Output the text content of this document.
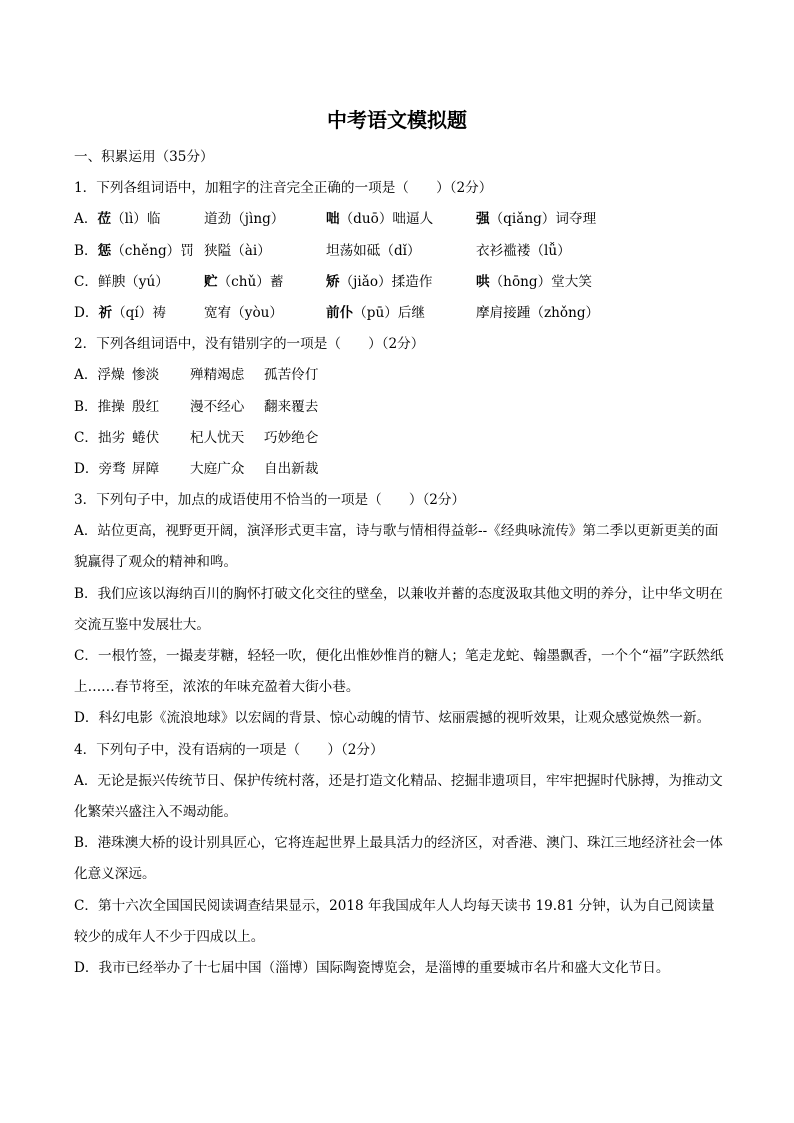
中考语文模拟题
一、积累运用（35分）
1．下列各组词语中，加粗字的注音完全正确的一项是（　　）（2分）
A．莅（lì）临	道劲（jìng）	咄（duō）咄逼人	强（qiǎng）词夺理
B．惩（chěng）罚 狭隘（ài）	坦荡如砥（dǐ）	衣衫褴褛（lǚ）
C．鲜腴（yú）	贮（chǔ）蓄	矫（jiǎo）揉造作	哄（hōng）堂大笑
D．祈（qí）祷	宽宥（yòu）	前仆（pū）后继	摩肩接踵（zhǒng）
2．下列各组词语中，没有错别字的一项是（　　）（2分）
A．浮燥 惨淡	殚精竭虑	孤苦伶仃
B．推操 殷红	漫不经心	翻来覆去
C．拙劣 蜷伏	杞人忧天	巧妙绝仑
D．旁骛 屏障	大庭广众	自出新裁
3．下列句子中，加点的成语使用不恰当的一项是（　　）（2分）
A．站位更高，视野更开阔，演泽形式更丰富，诗与歌与情相得益彰--《经典咏流传》第二季以更新更美的面貌赢得了观众的精神和鸣。
B．我们应该以海纳百川的胸怀打破文化交往的壁垒，以兼收并蓄的态度汲取其他文明的养分，让中华文明在交流互鉴中发展壮大。
C．一根竹签，一撮麦芽糖，轻轻一吹，便化出惟妙惟肖的糖人；笔走龙蛇、翰墨飘香，一个个“福”字跃然纸上……春节将至，浓浓的年味充盈着大街小巷。
D．科幻电影《流浪地球》以宏阔的背景、惊心动魄的情节、炫丽震撼的视听效果，让观众感觉焕然一新。
4．下列句子中，没有语病的一项是（　　）（2分）
A．无论是振兴传统节日、保护传统村落，还是打造文化精品、挖掘非遗项目，牢牢把握时代脉搏，为推动文化繁荣兴盛注入不竭动能。
B．港珠澳大桥的设计别具匠心，它将连起世界上最具活力的经济区，对香港、澳门、珠江三地经济社会一体化意义深远。
C．第十六次全国国民阅读调查结果显示，2018 年我国成年人人均每天读书 19.81 分钟，认为自己阅读量较少的成年人不少于四成以上。
D．我市已经举办了十七届中国（淄博）国际陶瓷博览会，是淄博的重要城市名片和盛大文化节日。
